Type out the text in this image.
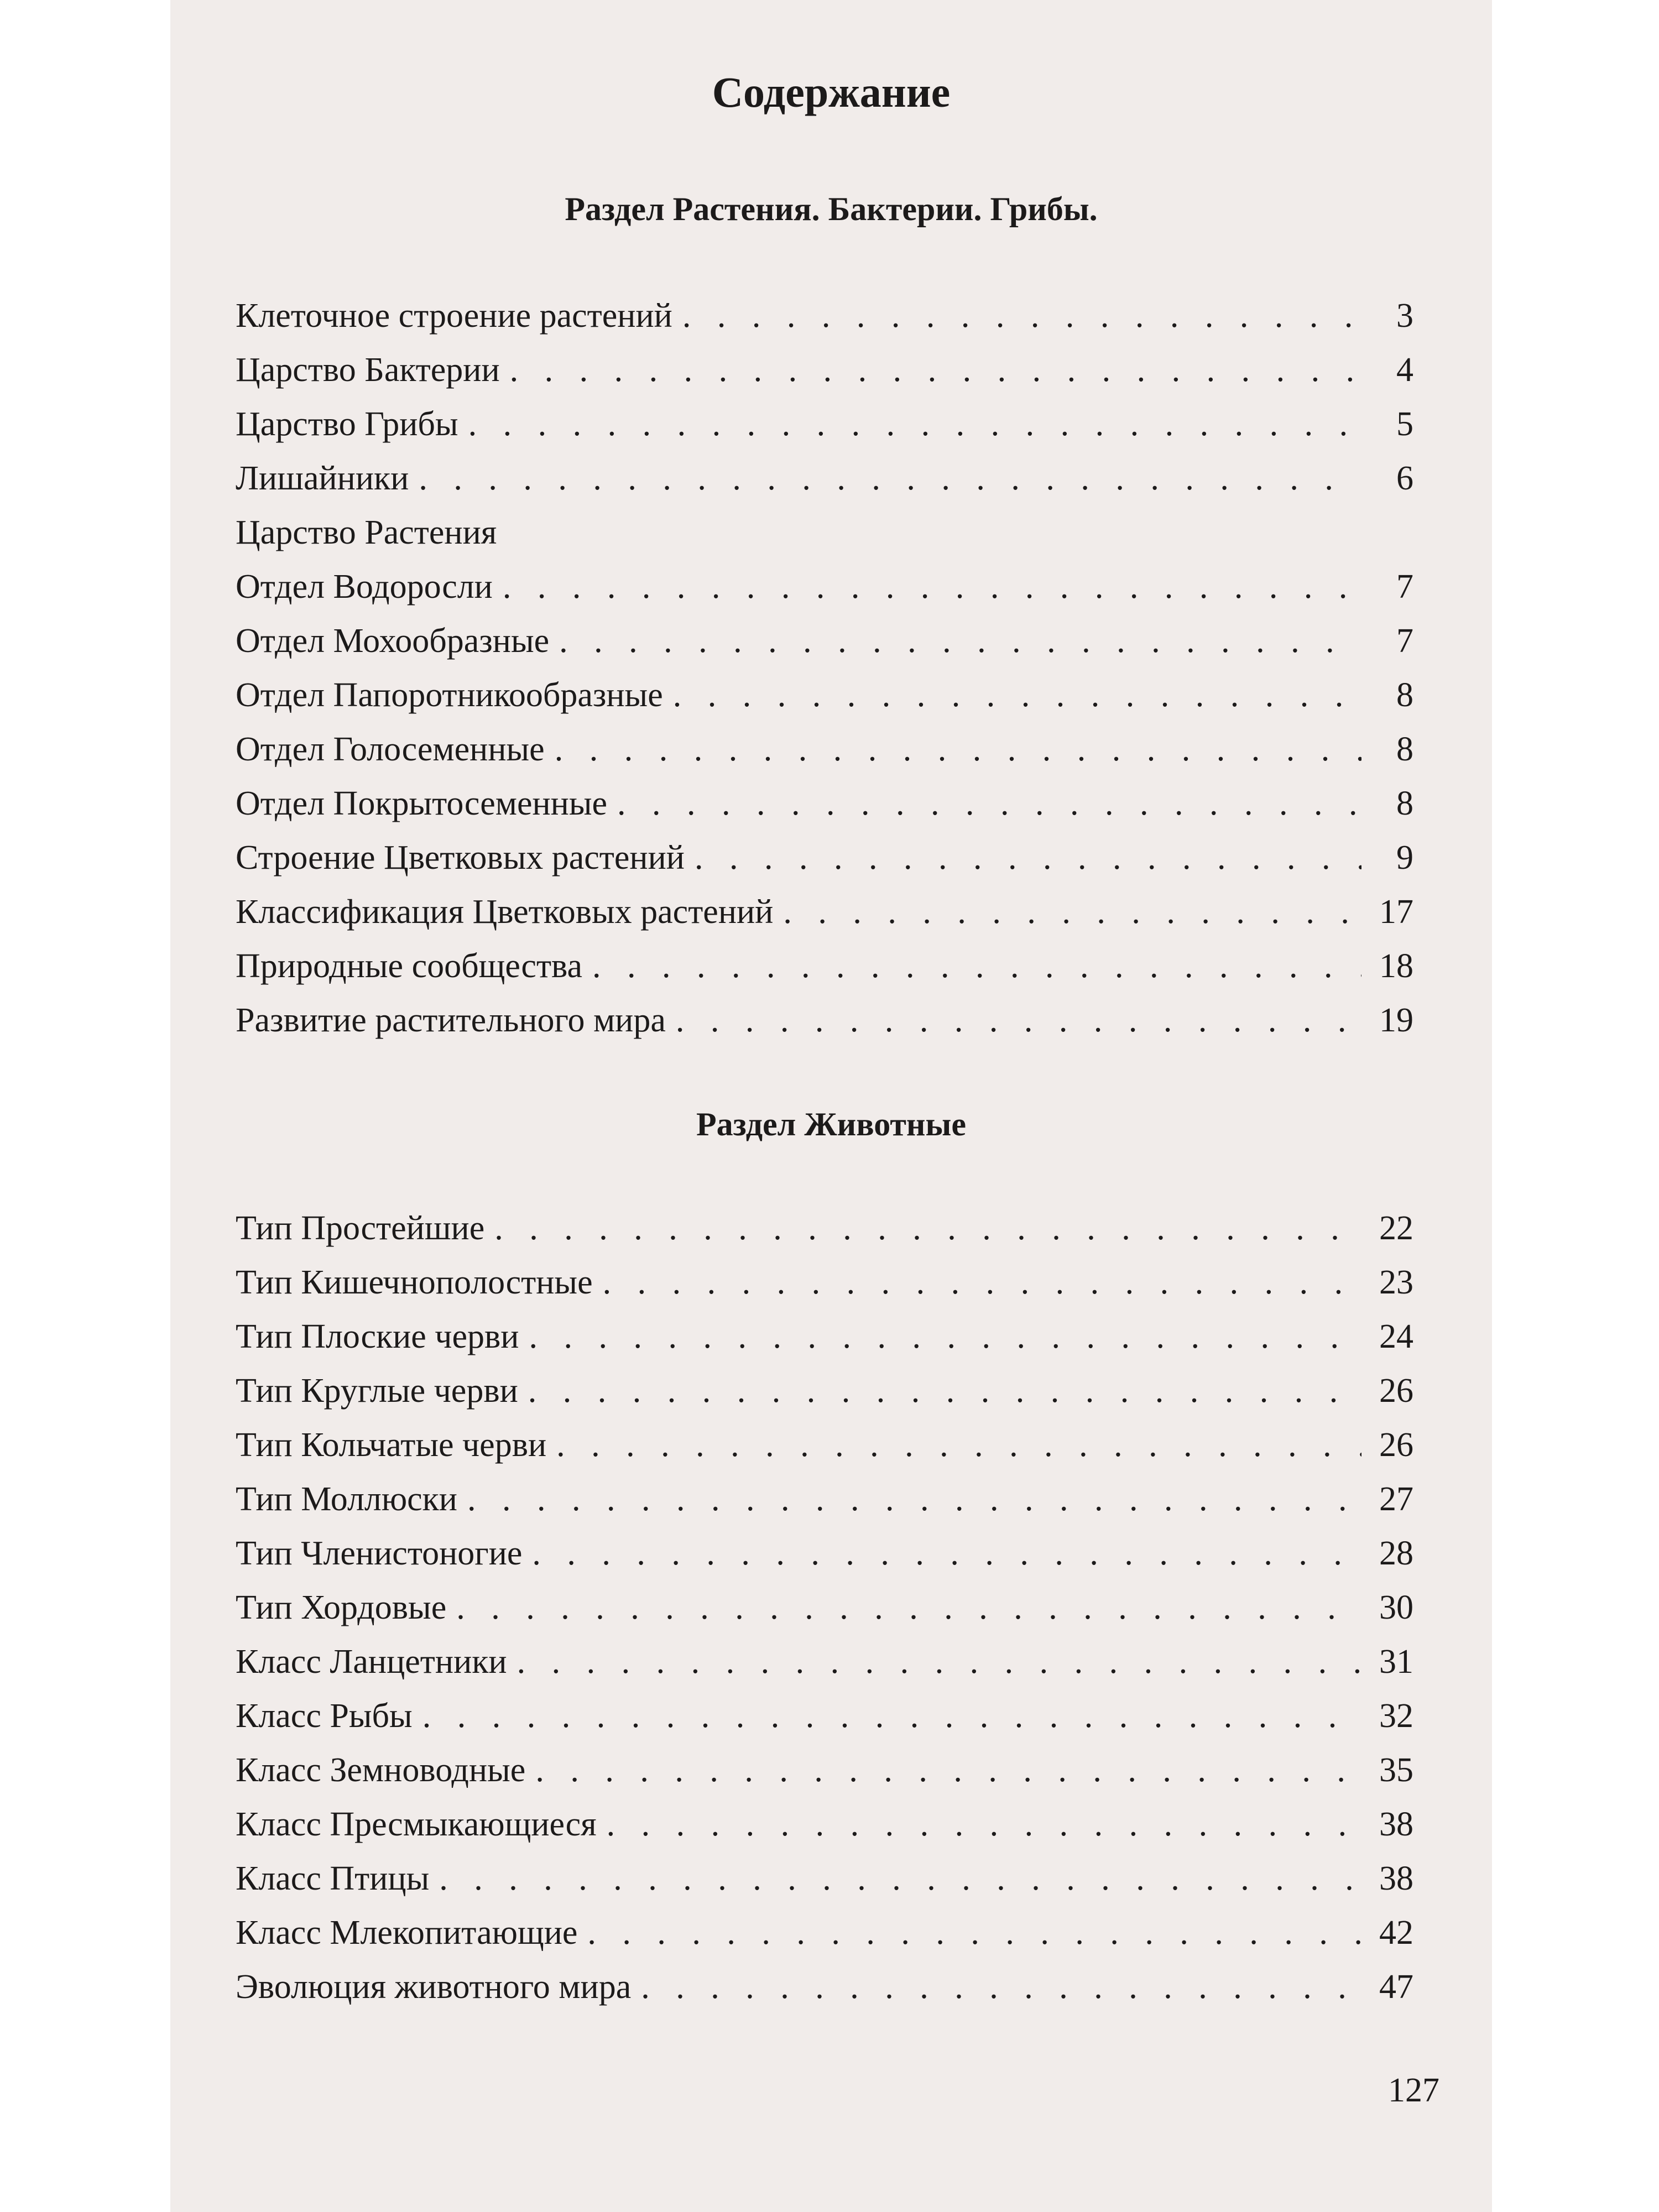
Содержание
Раздел Растения. Бактерии. Грибы.
Клеточное строение растений . . .	3
Царство Бактерии . . .	4
Царство Грибы . . .	5
Лишайники . . .	6
Царство Растения
Отдел Водоросли . . .	7
Отдел Мохообразные . . .	7
Отдел Папоротникообразные . . .	8
Отдел Голосеменные . . .	8
Отдел Покрытосеменные . . .	8
Строение Цветковых растений . . .	9
Классификация Цветковых растений . . .	17
Природные сообщества . . .	18
Развитие растительного мира . . .	19
Раздел Животные
Тип Простейшие . . .	22
Тип Кишечнополостные . . .	23
Тип Плоские черви . . .	24
Тип Круглые черви . . .	26
Тип Кольчатые черви . . .	26
Тип Моллюски . . .	27
Тип Членистоногие . . .	28
Тип Хордовые . . .	30
Класс Ланцетники . . .	31
Класс Рыбы . . .	32
Класс Земноводные . . .	35
Класс Пресмыкающиеся . . .	38
Класс Птицы . . .	38
Класс Млекопитающие . . .	42
Эволюция животного мира . . .	47
127
